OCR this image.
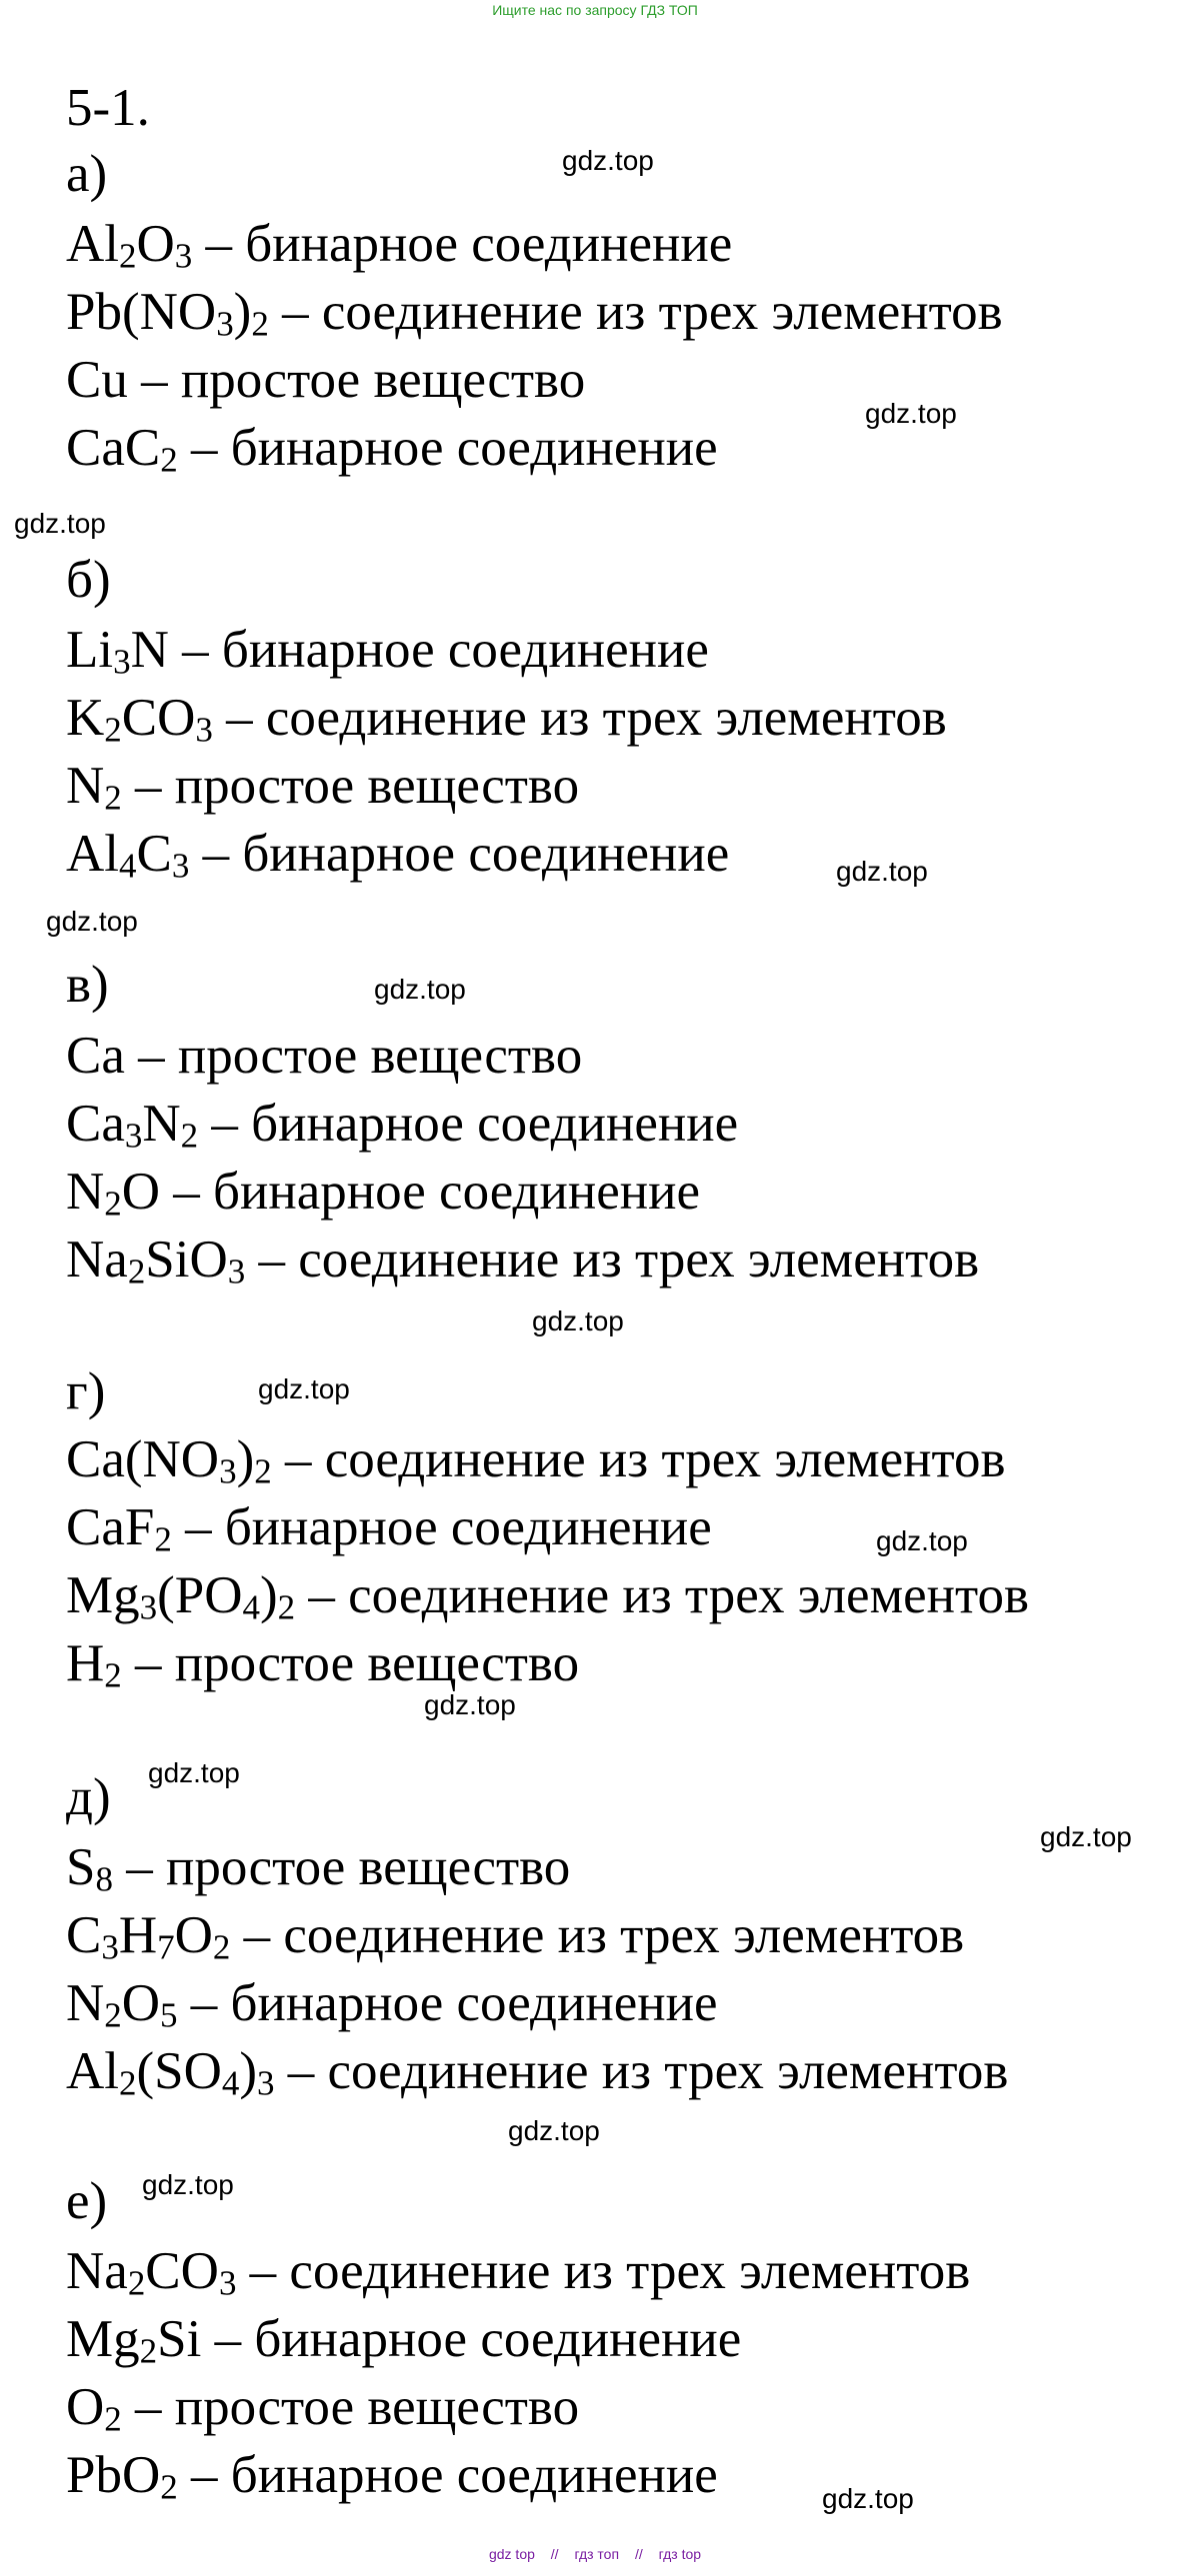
Ищите нас по запросу ГДЗ ТОП
5-1.
а)
$Al_2O_3$ – бинарное соединение
$Pb(NO_3)_2$ – соединение из трех элементов
Cu – простое вещество
CaC$_2$ – бинарное соединение
б)
$Li_3N$ – бинарное соединение
$K_2CO_3$ – соединение из трех элементов
$N_2$ – простое вещество
$Al_4C_3$ – бинарное соединение
в)
Ca – простое вещество
$Ca_3N_2$ – бинарное соединение
$N_2O$ – бинарное соединение
$Na_2SiO_3$ – соединение из трех элементов
г)
$Ca(NO_3)_2$ – соединение из трех элементов
CaF$_2$ – бинарное соединение
$Mg_3(PO_4)_2$ – соединение из трех элементов
$H_2$ – простое вещество
д)
$S_8$ – простое вещество
$C_3H_7O_2$ – соединение из трех элементов
$N_2O_5$ – бинарное соединение
$Al_2(SO_4)_3$ – соединение из трех элементов
е)
$Na_2CO_3$ – соединение из трех элементов
$Mg_2Si$ – бинарное соединение
$O_2$ – простое вещество
PbO$_2$ – бинарное соединение
gdz.top
gdz.top
gdz.top
gdz.top
gdz.top
gdz.top
gdz.top
gdz.top
gdz.top
gdz.top
gdz.top
gdz.top
gdz.top
gdz.top
gdz.top
gdz top // гдз топ // гдз top
